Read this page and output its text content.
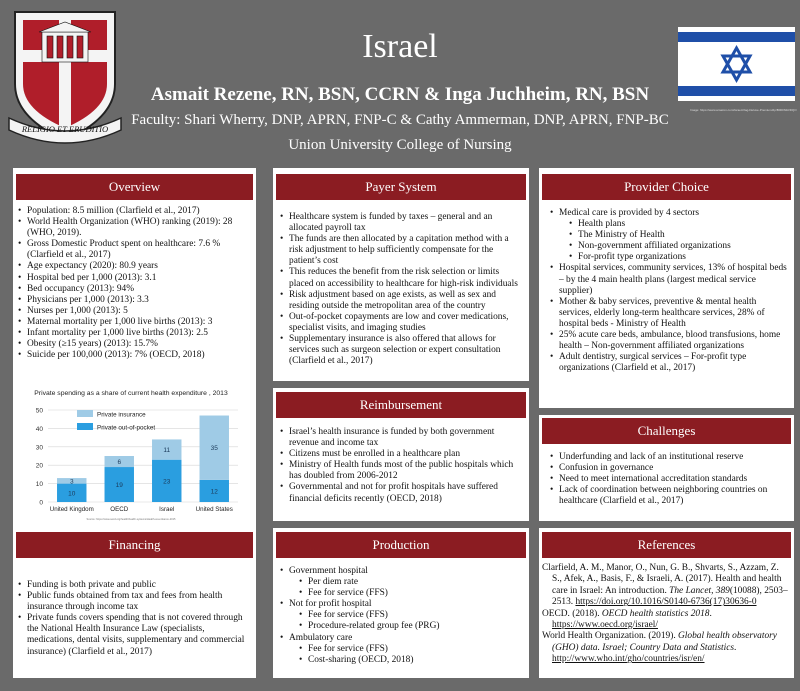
RELIGIO ET ERUDITIO
Israel
Asmait Rezene, RN, BSN, CCRN & Inga Juchheim, RN, BSN
Faculty: Shari Wherry, DNP, APRN, FNP-C & Cathy Ammerman, DNP, APRN, FNP-BC
Union University College of Nursing
Image: https://www.amazon.com/Israel-Flag-Deluxe-Premium/dp/B000N1RDQO
Overview
• Population: 8.5 million (Clarfield et al., 2017)
• World Health Organization (WHO) ranking (2019): 28 (WHO, 2019).
• Gross Domestic Product spent on healthcare: 7.6 % (Clarfield et al., 2017)
• Age expectancy (2020): 80.9 years
• Hospital bed per 1,000 (2013): 3.1
• Bed occupancy (2013): 94%
• Physicians per 1,000 (2013): 3.3
• Nurses per 1,000 (2013): 5
• Maternal mortality per 1,000 live births (2013): 3
• Infant mortality per 1,000 live births (2013): 2.5
• Obesity (≥15 years) (2013): 15.7%
• Suicide per 100,000 (2013): 7% (OECD, 2018)
Private spending as a share of current health expenditure , 2013
0
10
20
30
40
50
10
3
United Kingdom
19
6
OECD
23
11
Israel
12
35
United States
Private insurance
Private out-of-pocket
Source: https://www.oecd.org/health/health-systems/Health-at-a-Glance-2015
Financing
• Funding is both private and public
• Public funds obtained from tax and fees from health insurance through income tax
• Private funds covers spending that is not covered through the National Health Insurance Law (specialists, medications, dental visits, supplementary and commercial insurance) (Clarfield et al., 2017)
Payer System
• Healthcare system is funded by taxes – general and an allocated payroll tax
• The funds are then allocated by a capitation method with a risk adjustment to help sufficiently compensate for the patient’s cost
• This reduces the benefit from the risk selection or limits placed on accessibility to healthcare for high-risk individuals
• Risk adjustment based on age exists, as well as sex and residing outside the metropolitan area of the country
• Out-of-pocket copayments are low and cover medications, specialist visits, and imaging studies
• Supplementary insurance is also offered that allows for services such as surgeon selection or expert consultation (Clarfield et al., 2017)
Reimbursement
• Israel’s health insurance is funded by both government revenue and income tax
• Citizens must be enrolled in a healthcare plan
• Ministry of Health funds most of the public hospitals which has doubled from 2006-2012
• Governmental and not for profit hospitals have suffered financial deficits recently (OECD, 2018)
Production
• Government hospital
• Per diem rate
• Fee for service (FFS)
• Not for profit hospital
• Fee for service (FFS)
• Procedure-related group fee (PRG)
• Ambulatory care
• Fee for service (FFS)
• Cost-sharing (OECD, 2018)
Provider Choice
• Medical care is provided by 4 sectors
• Health plans
• The Ministry of Health
• Non-government affiliated organizations
• For-profit type organizations
• Hospital services, community services, 13% of hospital beds – by the 4 main health plans (largest medical service supplier)
• Mother & baby services, preventive & mental health services, elderly long-term healthcare services, 28% of hospital beds - Ministry of Health
• 25% acute care beds, ambulance, blood transfusions, home health – Non-government affiliated organizations
• Adult dentistry, surgical services – For-profit type organizations (Clarfield et al., 2017)
Challenges
• Underfunding and lack of an institutional reserve
• Confusion in governance
• Need to meet international accreditation standards
• Lack of coordination between neighboring countries on healthcare (Clarfield et al., 2017)
References

Clarfield, A. M., Manor, O., Nun, G. B., Shvarts, S., Azzam, Z. S., Afek, A., Basis, F., & Israeli, A. (2017). Health and health care in Israel: An introduction. The Lancet, 389(10088), 2503–2513. https://doi.org/10.1016/S0140-6736(17)30636-0

OECD. (2018). OECD health statistics 2018. https://www.oecd.org/israel/

World Health Organization. (2019). Global health observatory (GHO) data. Israel; Country Data and Statistics. http://www.who.int/gho/countries/isr/en/
